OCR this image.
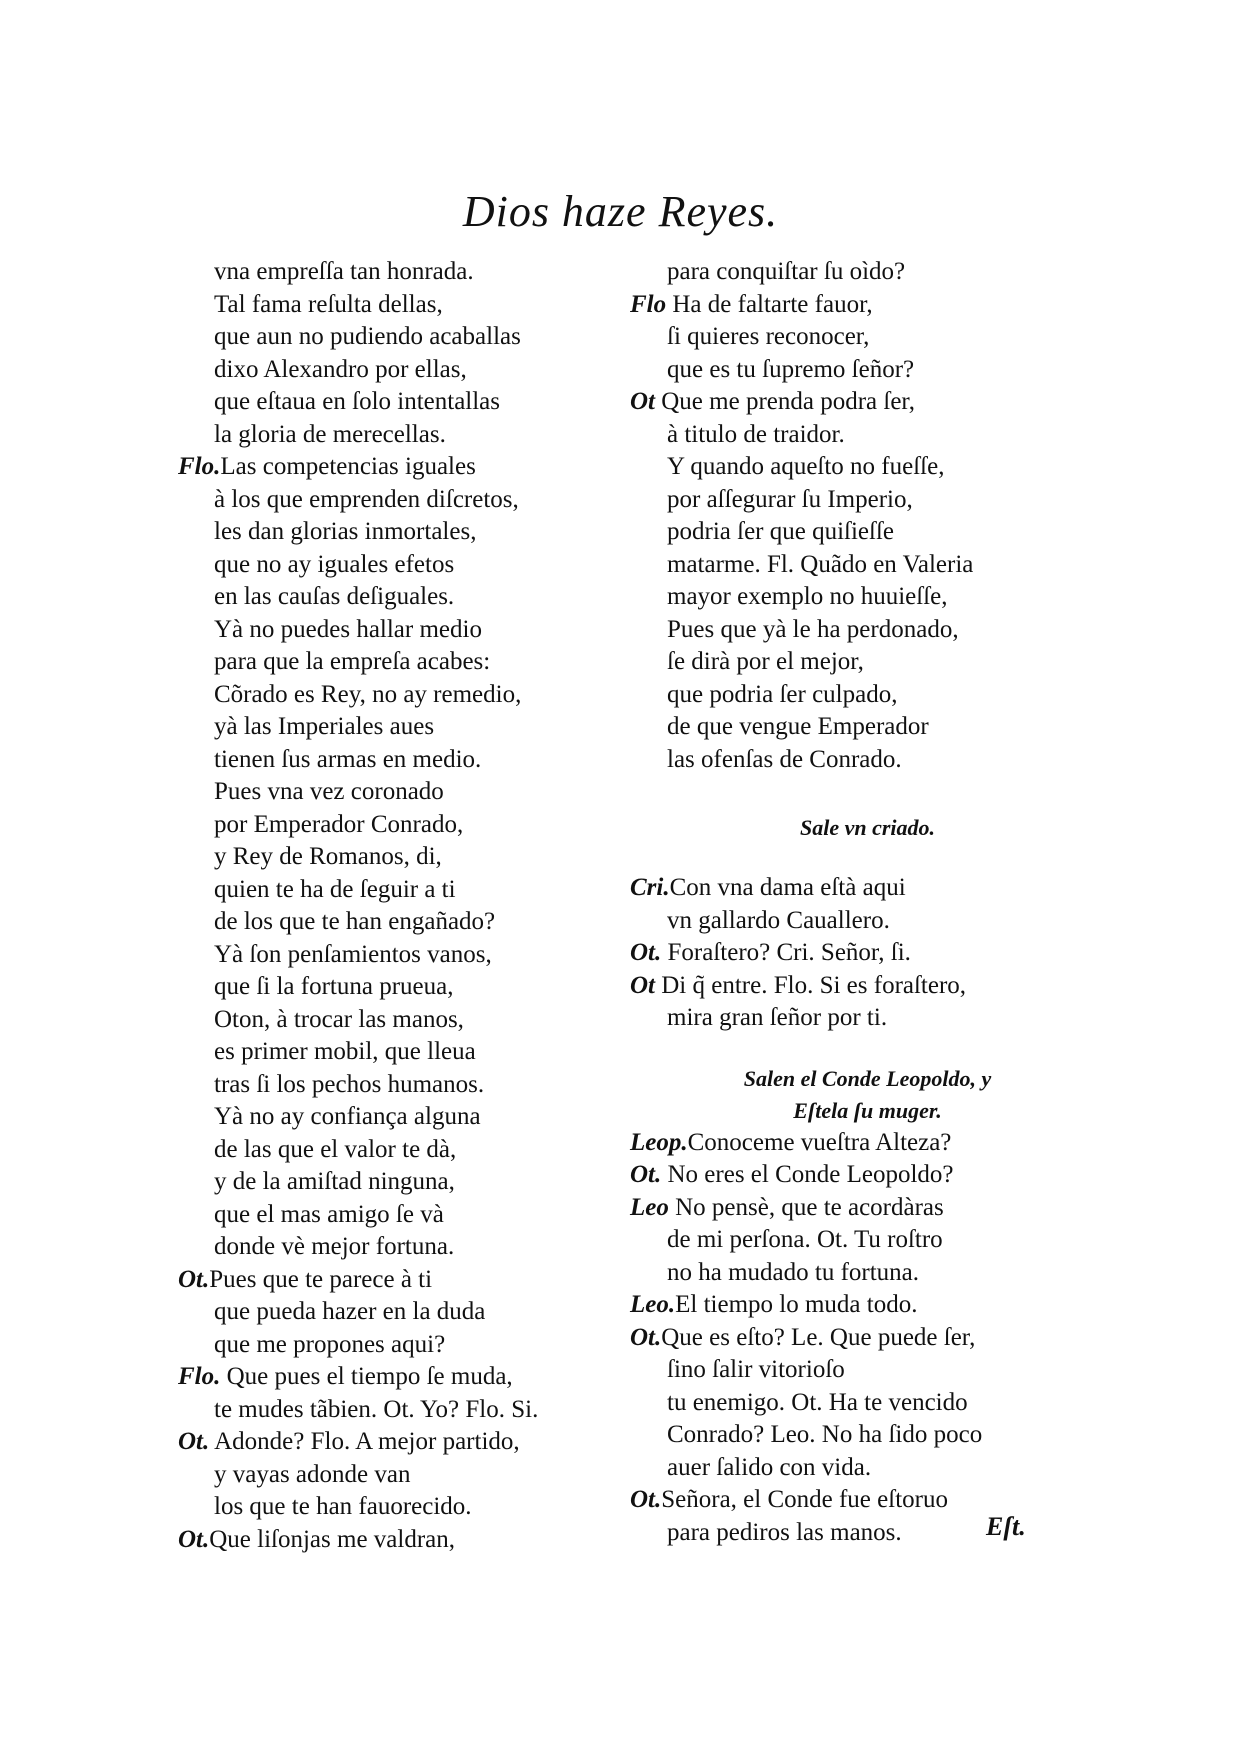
Dios haze Reyes.
vna empreſſa tan honrada.
Tal fama reſulta dellas,
que aun no pudiendo acaballas
dixo Alexandro por ellas,
que eſtaua en ſolo intentallas
la gloria de merecellas.
Flo.Las competencias iguales
à los que emprenden diſcretos,
les dan glorias inmortales,
que no ay iguales efetos
en las cauſas deſiguales.
Yà no puedes hallar medio
para que la empreſa acabes:
Cõrado es Rey, no ay remedio,
yà las Imperiales aues
tienen ſus armas en medio.
Pues vna vez coronado
por Emperador Conrado,
y Rey de Romanos, di,
quien te ha de ſeguir a ti
de los que te han engañado?
Yà ſon penſamientos vanos,
que ſi la fortuna prueua,
Oton, à trocar las manos,
es primer mobil, que lleua
tras ſi los pechos humanos.
Yà no ay confiança alguna
de las que el valor te dà,
y de la amiſtad ninguna,
que el mas amigo ſe và
donde vè mejor fortuna.
Ot.Pues que te parece à ti
que pueda hazer en la duda
que me propones aqui?
Flo. Que pues el tiempo ſe muda,
te mudes tãbien. Ot. Yo? Flo. Si.
Ot. Adonde? Flo. A mejor partido,
y vayas adonde van
los que te han fauorecido.
Ot.Que liſonjas me valdran,
para conquiſtar ſu oìdo?
Flo Ha de faltarte fauor,
ſi quieres reconocer,
que es tu ſupremo ſeñor?
Ot Que me prenda podra ſer,
à titulo de traidor.
Y quando aqueſto no fueſſe,
por aſſegurar ſu Imperio,
podria ſer que quiſieſſe
matarme. Fl. Quãdo en Valeria
mayor exemplo no huuieſſe,
Pues que yà le ha perdonado,
ſe dirà por el mejor,
que podria ſer culpado,
de que vengue Emperador
las ofenſas de Conrado.
Sale vn criado.
Cri.Con vna dama eſtà aqui
vn gallardo Cauallero.
Ot. Foraſtero? Cri. Señor, ſi.
Ot Di q̃ entre. Flo. Si es foraſtero,
mira gran ſeñor por ti.
Salen el Conde Leopoldo, y
Eſtela ſu muger.
Leop.Conoceme vueſtra Alteza?
Ot. No eres el Conde Leopoldo?
Leo No pensè, que te acordàras
de mi perſona. Ot. Tu roſtro
no ha mudado tu fortuna.
Leo.El tiempo lo muda todo.
Ot.Que es eſto? Le. Que puede ſer,
ſino ſalir vitorioſo
tu enemigo. Ot. Ha te vencido
Conrado? Leo. No ha ſido poco
auer ſalido con vida.
Ot.Señora, el Conde fue eſtoruo
para pediros las manos.	Eſt.
